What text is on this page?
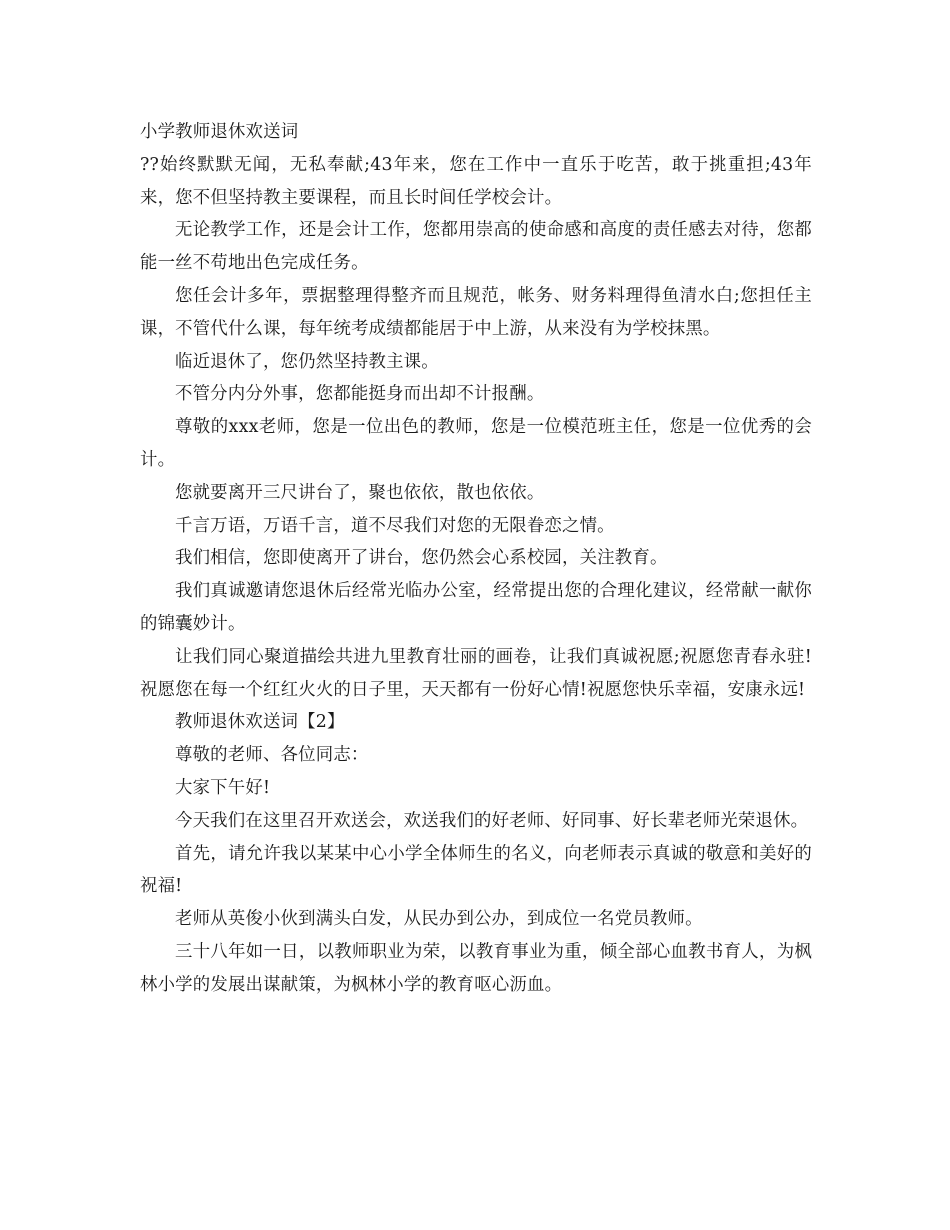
小学教师退休欢送词

??始终默默无闻，无私奉献;43年来，您在工作中一直乐于吃苦，敢于挑重担;43年来，您不但坚持教主要课程，而且长时间任学校会计。

无论教学工作，还是会计工作，您都用崇高的使命感和高度的责任感去对待，您都能一丝不苟地出色完成任务。

您任会计多年，票据整理得整齐而且规范，帐务、财务料理得鱼清水白;您担任主课，不管代什么课，每年统考成绩都能居于中上游，从来没有为学校抹黑。

临近退休了，您仍然坚持教主课。

不管分内分外事，您都能挺身而出却不计报酬。

尊敬的xxx老师，您是一位出色的教师，您是一位模范班主任，您是一位优秀的会计。

您就要离开三尺讲台了，聚也依依，散也依依。

千言万语，万语千言，道不尽我们对您的无限眷恋之情。

我们相信，您即使离开了讲台，您仍然会心系校园，关注教育。

我们真诚邀请您退休后经常光临办公室，经常提出您的合理化建议，经常献一献你的锦囊妙计。

让我们同心聚道描绘共进九里教育壮丽的画卷，让我们真诚祝愿;祝愿您青春永驻!祝愿您在每一个红红火火的日子里，天天都有一份好心情!祝愿您快乐幸福，安康永远!

教师退休欢送词【2】

尊敬的老师、各位同志：

大家下午好!

今天我们在这里召开欢送会，欢送我们的好老师、好同事、好长辈老师光荣退休。

首先，请允许我以某某中心小学全体师生的名义，向老师表示真诚的敬意和美好的祝福!

老师从英俊小伙到满头白发，从民办到公办，到成位一名党员教师。

三十八年如一日，以教师职业为荣，以教育事业为重，倾全部心血教书育人，为枫林小学的发展出谋献策，为枫林小学的教育呕心沥血。
